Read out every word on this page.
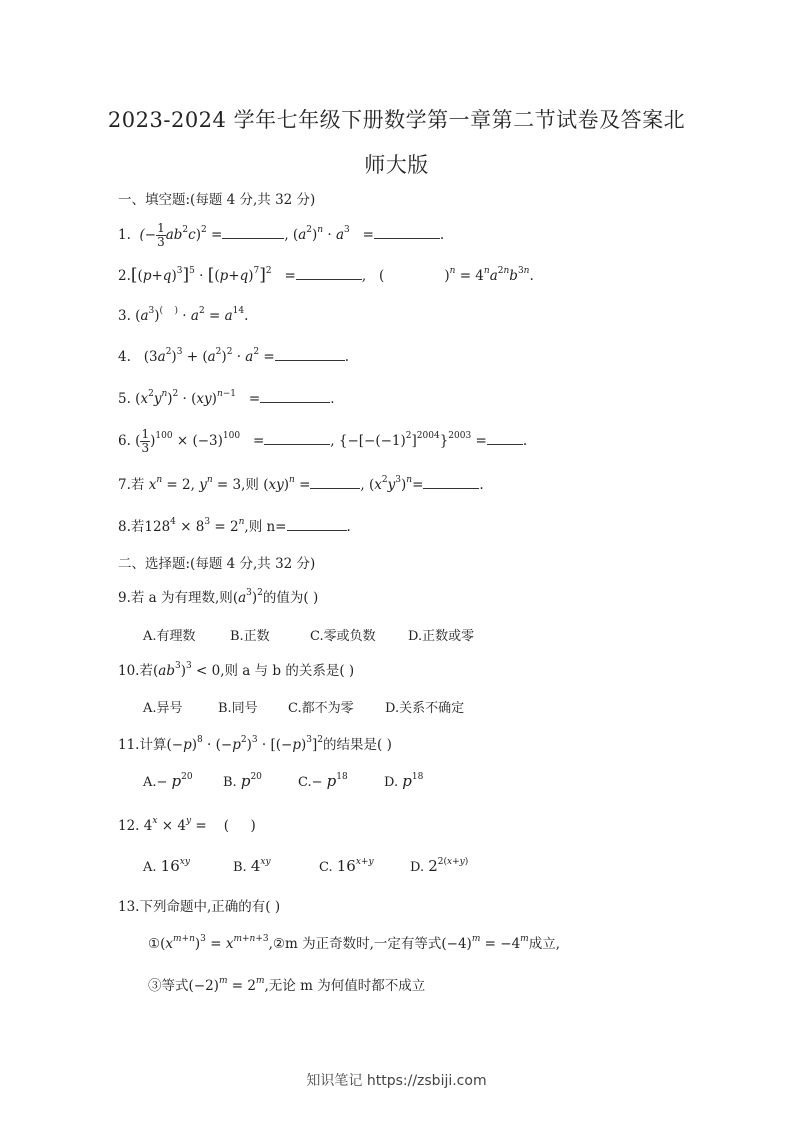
2023-2024 学年七年级下册数学第一章第二节试卷及答案北
师大版
一、填空题:(每题 4 分,共 32 分)
1.  (− $\frac{1}{3} ab^2c)^2$ =	, $(a^2)^n \cdot a^3$   =	.
$2.[(p+q)^3]^5 \cdot [(p+q)^7]^2$   =	,   (              )$^n = 4^na^{2n}b^{3n}$.
3. $(a^3)^{( )} \cdot a^2 = a^{14}$.
4.   $(3a^2)^3 + (a^2)^2 \cdot a^2$ =	.
5. $(x^2y^n)^2 \cdot (xy)^{n-1}$   =	.
6. ( $\frac{1}{3} )^{100} \times (-3)^{100}$   =	, $\{-[-(-1)^2]^{2004}\}^{2003}$ =	.
7.若 $x^n = 2$, $y^n = 3$,则 (xy)$^n$ =	, $(x^2y^3)^n=$	.
8.若$128^4 \times 8^3 = 2^n$,则 n=	.
二、选择题:(每题 4 分,共 32 分)
9.若 a 为有理数,则$(a^3)^2$的值为( )
A.有理数	B.正数	C.零或负数 D.正数或零
10.若$(ab^3)^3 < 0$,则 a 与 b 的关系是( )
A.异号	B.同号 C.都不为零 D.关系不确定
11.计算$(-p)^8 \cdot (-p^2)^3 \cdot [(-p)^3]^2$的结果是( )
$A.- p^{20}$ B. $p^{20}$	$C.- p^{18}$	D. $p^{18}$
12. $4^x \times 4^y$ =    (     )
A. $16^{xy}$	B. $4^{xy}$	C. $16^{x+y}$	D. $2^{2(x+y)}$
13.下列命题中,正确的有( )
$①(x^{m+n})^3$ = $x^{m+n+3},②m$ 为正奇数时,一定有等式$(-4)^m = -4^m$成立,
③等式$(-2)^m = 2^m$,无论 m 为何值时都不成立
知识笔记 https://zsbiji.com
